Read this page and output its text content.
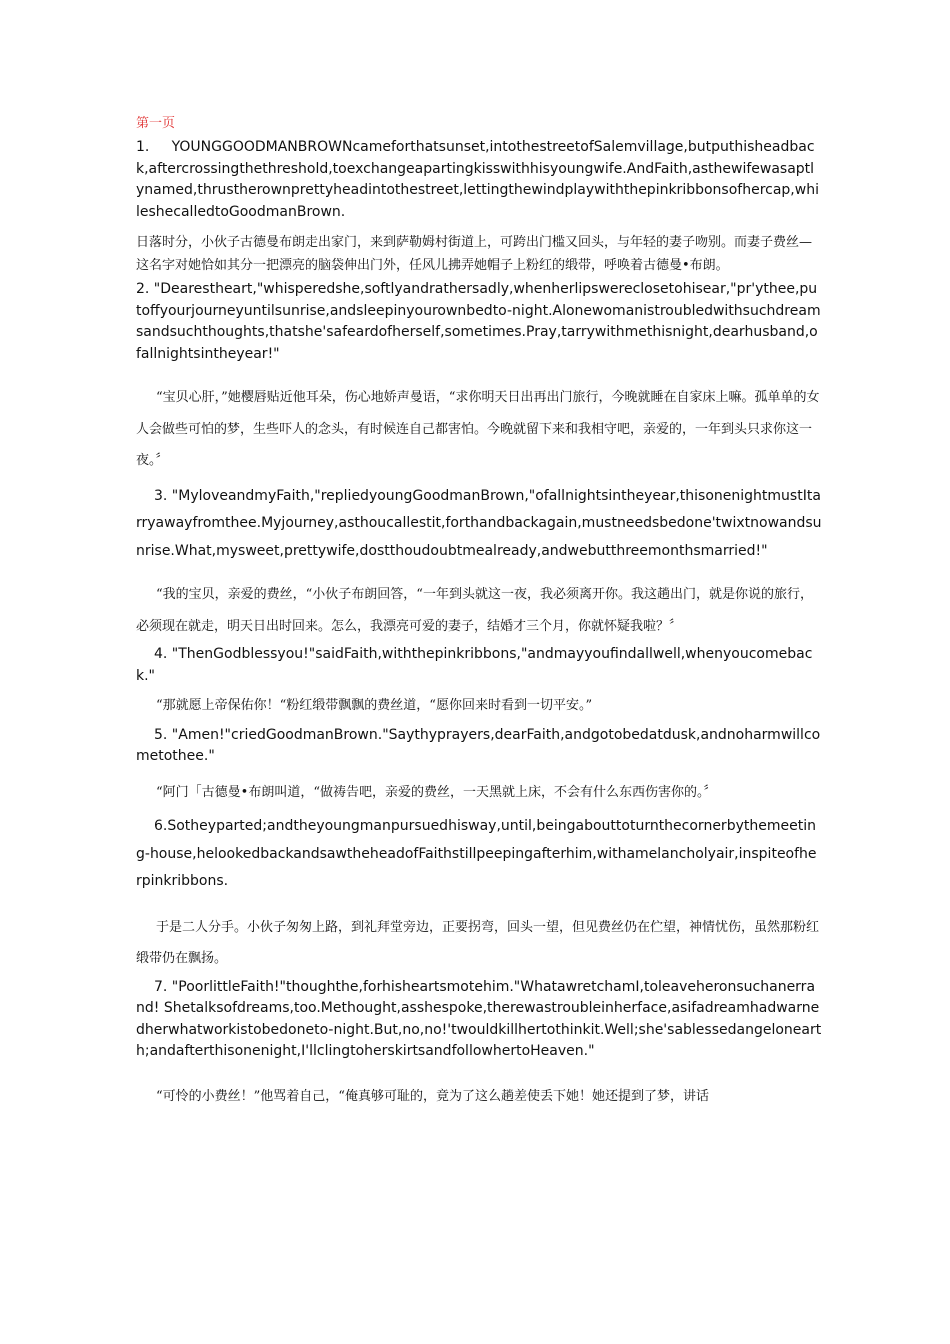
第一页

1.     YOUNGGOODMANBROWNcameforthatsunset,intothestreetofSalemvillage,butputhisheadback,aftercrossingthethreshold,toexchangeapartingkisswithhisyoungwife.AndFaith,asthewifewasaptlynamed,thrustherownprettyheadintothestreet,lettingthewindplaywiththepinkribbonsofhercap,whileshecalledtoGoodmanBrown.

日落时分，小伙子古德曼布朗走出家门，来到萨勒姆村街道上，可跨出门槛又回头，与年轻的妻子吻别。而妻子费丝—这名字对她恰如其分一把漂亮的脑袋伸出门外，任风儿拂弄她帽子上粉红的缎带，呼唤着古德曼•布朗。

2. "Dearestheart,"whisperedshe,softlyandrathersadly,whenherlipswereclosetohisear,"pr'ythee,putoffyourjourneyuntilsunrise,andsleepinyourownbedto-night.Alonewomanistroubledwithsuchdreamsandsuchthoughts,thatshe'safeardofherself,sometimes.Pray,tarrywithmethisnight,dearhusband,ofallnightsintheyear!"

“宝贝心肝，”她樱唇贴近他耳朵，伤心地娇声曼语，“求你明天日出再出门旅行，今晚就睡在自家床上嘛。孤单单的女人会做些可怕的梦，生些吓人的念头，有时候连自己都害怕。今晚就留下来和我相守吧，亲爱的，一年到头只求你这一夜。〞

3. "MyloveandmyFaith,"repliedyoungGoodmanBrown,"ofallnightsintheyear,thisonenightmustItarryawayfromthee.Myjourney,asthoucallestit,forthandbackagain,mustneedsbedone'twixtnowandsunrise.What,mysweet,prettywife,dostthoudoubtmealready,andwebutthreemonthsmarried!"

“我的宝贝，亲爱的费丝，“小伙子布朗回答，“一年到头就这一夜，我必须离开你。我这趟出门，就是你说的旅行，必须现在就走，明天日出时回来。怎么，我漂亮可爱的妻子，结婚才三个月，你就怀疑我啦？〞

4. "ThenGodblessyou!"saidFaith,withthepinkribbons,"andmayyoufindallwell,whenyoucomeback."

“那就愿上帝保佑你！“粉红缎带飘飘的费丝道，“愿你回来时看到一切平安。”

5. "Amen!"criedGoodmanBrown."Saythyprayers,dearFaith,andgotobedatdusk,andnoharmwillcometothee."

“阿门「古德曼•布朗叫道，“做祷告吧，亲爱的费丝，一天黑就上床，不会有什么东西伤害你的。〞

6.Sotheyparted;andtheyoungmanpursuedhisway,until,beingabouttoturnthecornerbythemeeting-house,helookedbackandsawtheheadofFaithstillpeepingafterhim,withamelancholyair,inspiteofherpinkribbons.

于是二人分手。小伙子匆匆上路，到礼拜堂旁边，正要拐弯，回头一望，但见费丝仍在伫望，神情忧伤，虽然那粉红缎带仍在飘扬。

7. "PoorlittleFaith!"thoughthe,forhisheartsmotehim."WhatawretchamI,toleaveheronsuchanerrand! Shetalksofdreams,too.Methought,asshespoke,therewastroubleinherface,asifadreamhadwarnedherwhatworkistobedoneto-night.But,no,no!'twouldkillhertothinkit.Well;she'sablessedangelonearth;andafterthisonenight,I'llclingtoherskirtsandfollowhertoHeaven."

“可怜的小费丝！”他骂着自己，“俺真够可耻的，竟为了这么趟差使丢下她！她还提到了梦，讲话
